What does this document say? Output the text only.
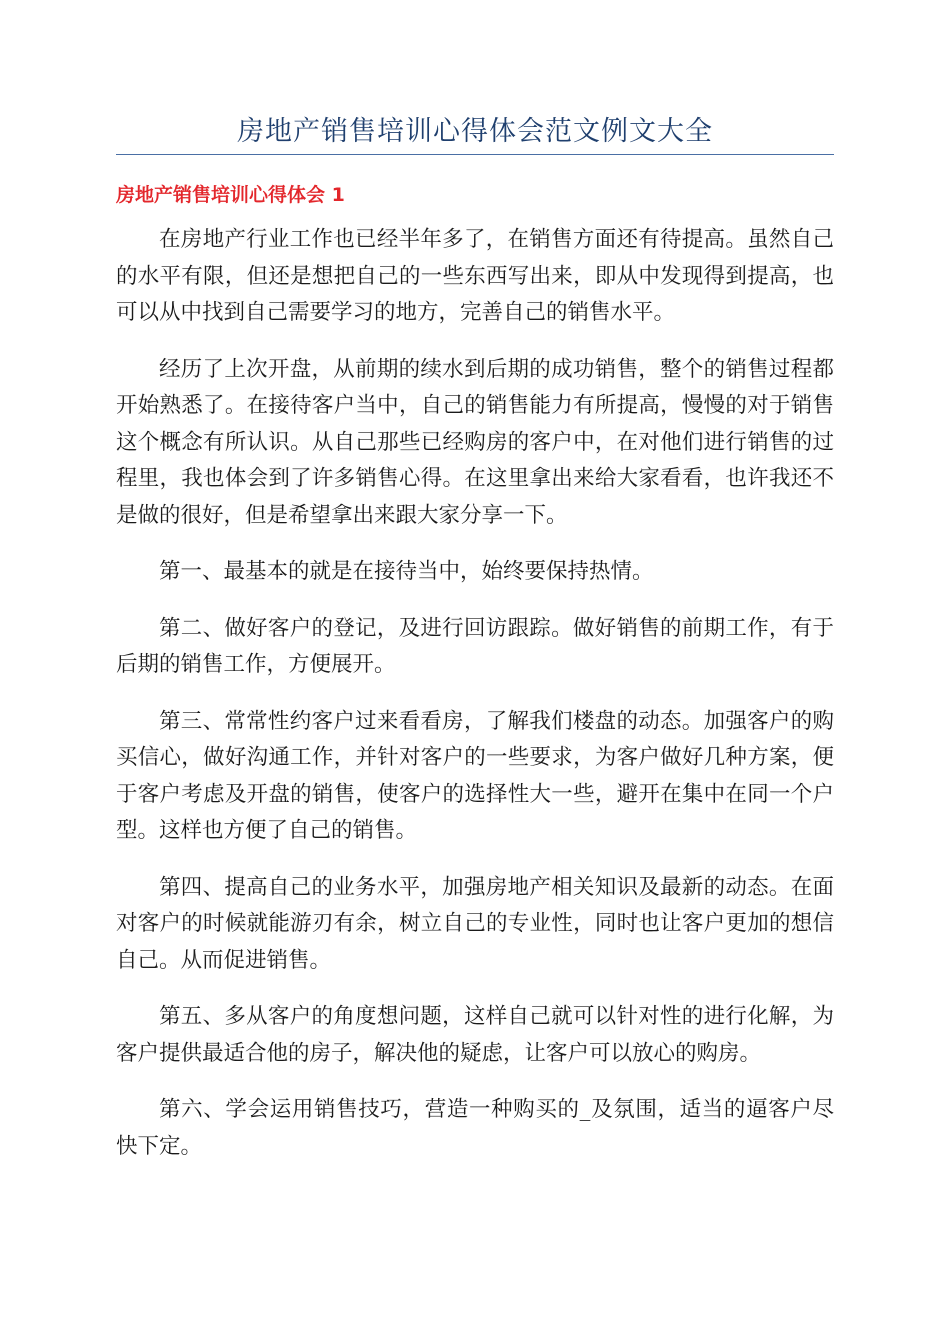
房地产销售培训心得体会范文例文大全
房地产销售培训心得体会 1

在房地产行业工作也已经半年多了，在销售方面还有待提高。虽然自己的水平有限，但还是想把自己的一些东西写出来，即从中发现得到提高，也可以从中找到自己需要学习的地方，完善自己的销售水平。

经历了上次开盘，从前期的续水到后期的成功销售，整个的销售过程都开始熟悉了。在接待客户当中，自己的销售能力有所提高，慢慢的对于销售这个概念有所认识。从自己那些已经购房的客户中，在对他们进行销售的过程里，我也体会到了许多销售心得。在这里拿出来给大家看看，也许我还不是做的很好，但是希望拿出来跟大家分享一下。

第一、最基本的就是在接待当中，始终要保持热情。

第二、做好客户的登记，及进行回访跟踪。做好销售的前期工作，有于后期的销售工作，方便展开。

第三、常常性约客户过来看看房，了解我们楼盘的动态。加强客户的购买信心，做好沟通工作，并针对客户的一些要求，为客户做好几种方案，便于客户考虑及开盘的销售，使客户的选择性大一些，避开在集中在同一个户型。这样也方便了自己的销售。

第四、提高自己的业务水平，加强房地产相关知识及最新的动态。在面对客户的时候就能游刃有余，树立自己的专业性，同时也让客户更加的想信自己。从而促进销售。

第五、多从客户的角度想问题，这样自己就可以针对性的进行化解，为客户提供最适合他的房子，解决他的疑虑，让客户可以放心的购房。

第六、学会运用销售技巧，营造一种购买的_及氛围，适当的逼客户尽快下定。
